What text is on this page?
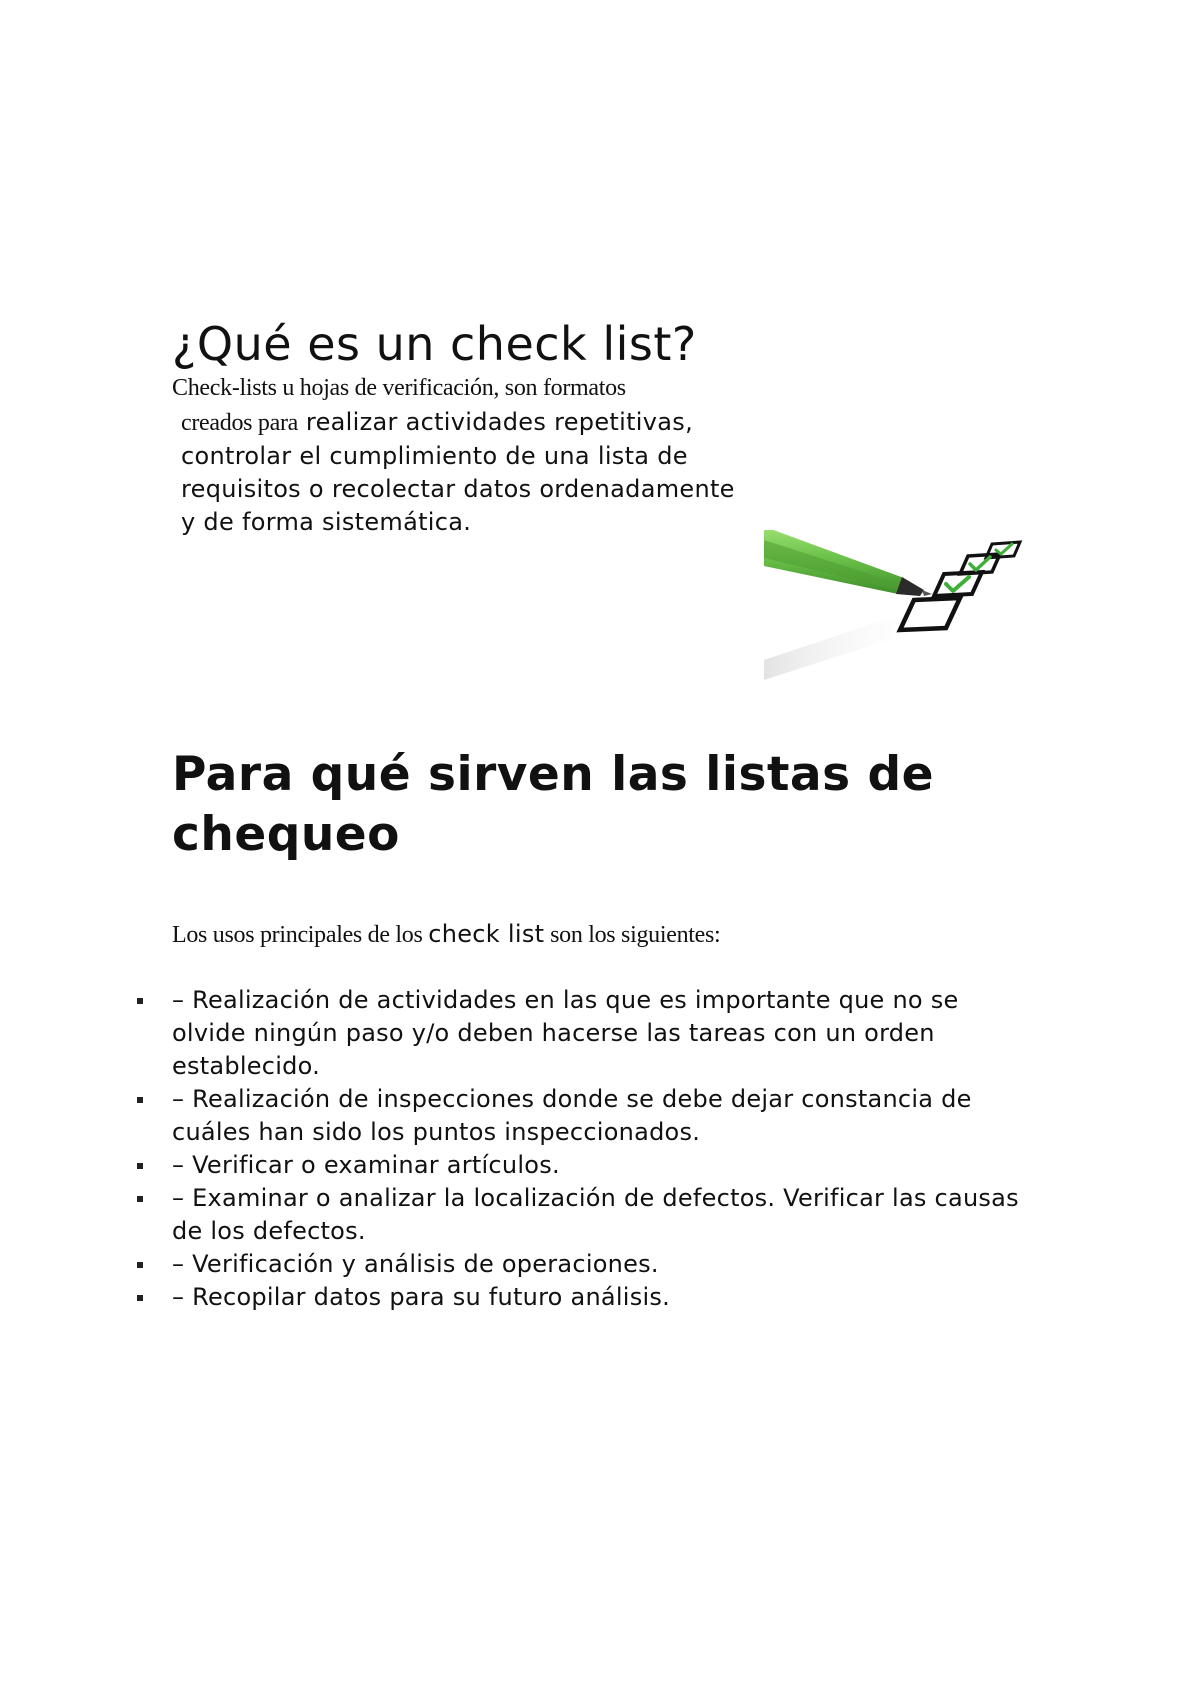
¿Qué es un check list?
Check-lists u hojas de verificación, son formatos
creados para realizar actividades repetitivas,
controlar el cumplimiento de una lista de
requisitos o recolectar datos ordenadamente
y de forma sistemática.
Para qué sirven las listas de chequeo
Los usos principales de los check list son los siguientes:
– Realización de actividades en las que es importante que no se olvide ningún paso y/o deben hacerse las tareas con un orden establecido.
– Realización de inspecciones donde se debe dejar constancia de cuáles han sido los puntos inspeccionados.
– Verificar o examinar artículos.
– Examinar o analizar la localización de defectos. Verificar las causas de los defectos.
– Verificación y análisis de operaciones.
– Recopilar datos para su futuro análisis.
